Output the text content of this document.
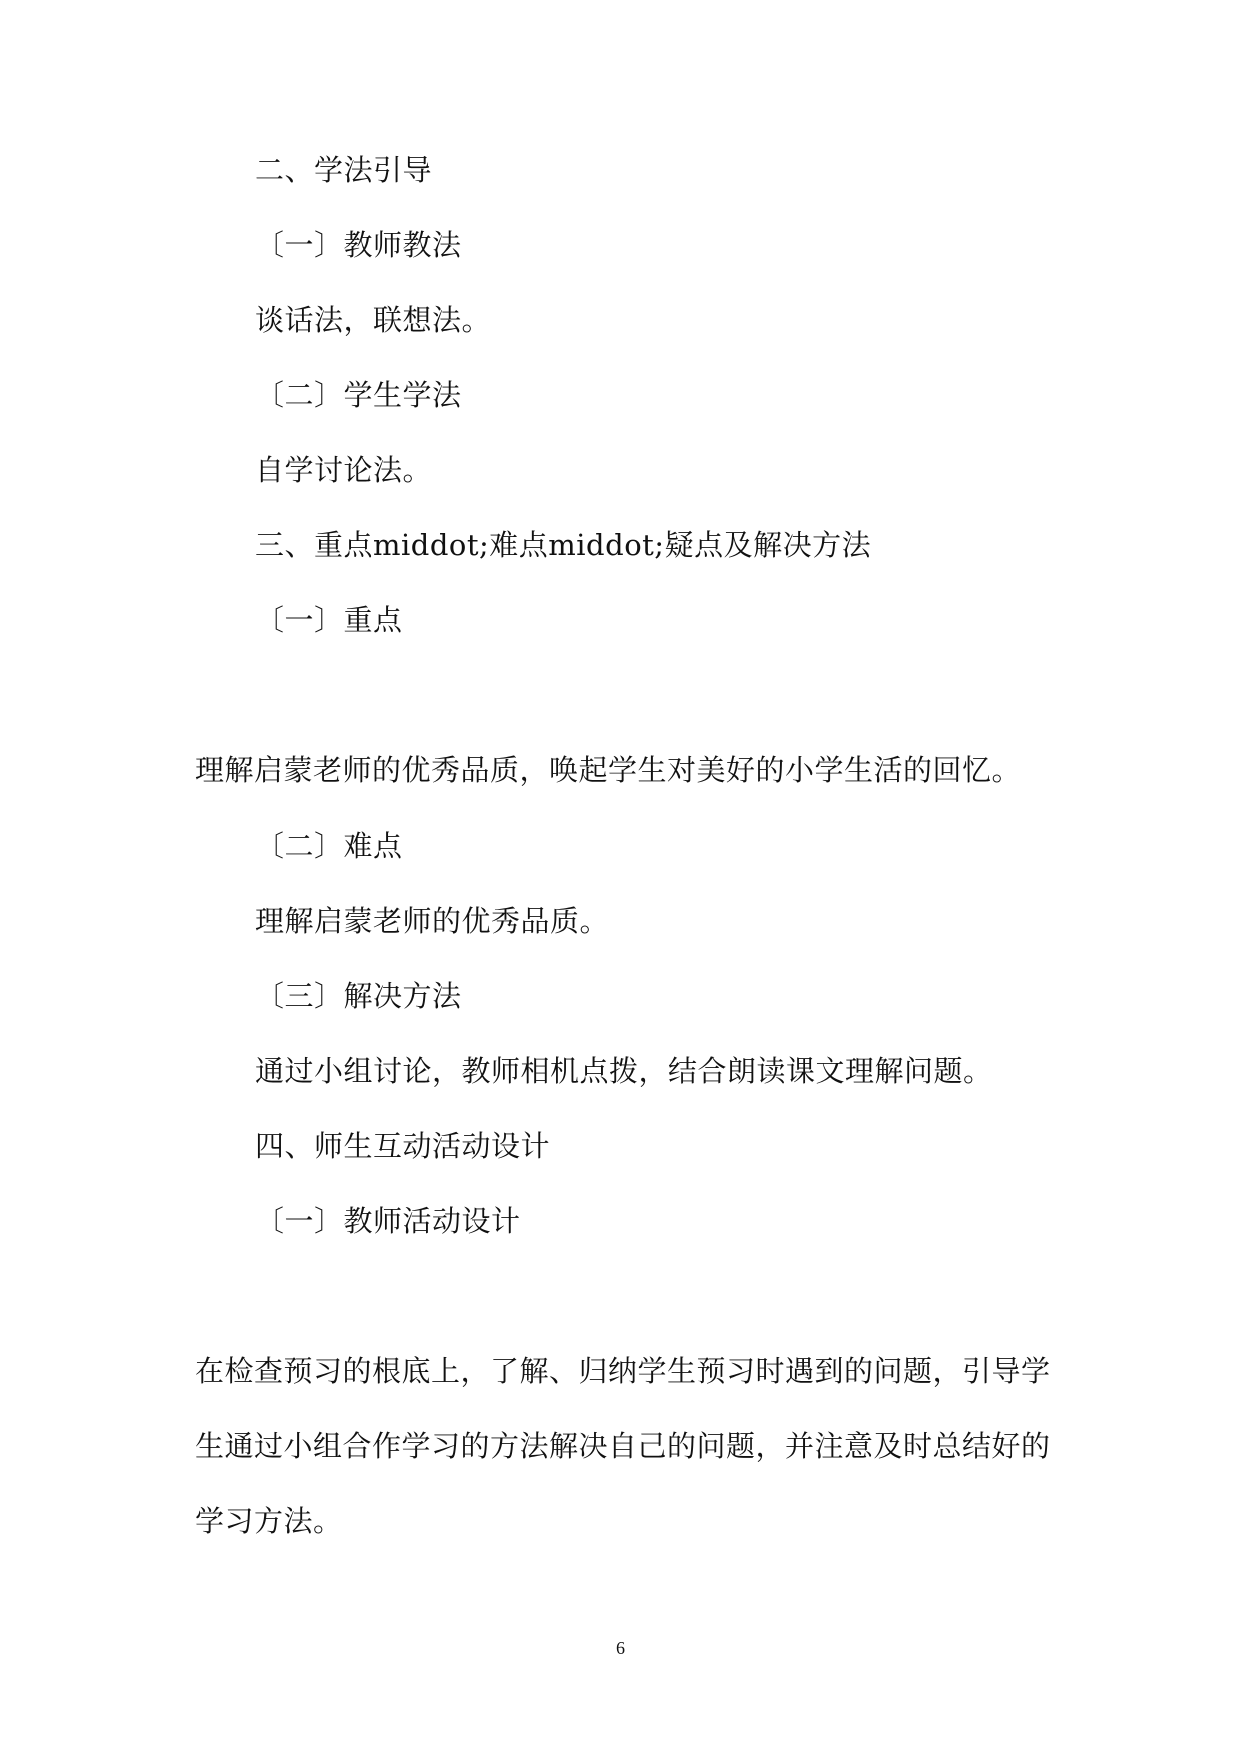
二、学法引导
〔一〕教师教法
谈话法，联想法。
〔二〕学生学法
自学讨论法。
三、重点middot;难点middot;疑点及解决方法
〔一〕重点
理解启蒙老师的优秀品质，唤起学生对美好的小学生活的回忆。
〔二〕难点
理解启蒙老师的优秀品质。
〔三〕解决方法
通过小组讨论，教师相机点拨，结合朗读课文理解问题。
四、师生互动活动设计
〔一〕教师活动设计
在检查预习的根底上，了解、归纳学生预习时遇到的问题，引导学
生通过小组合作学习的方法解决自己的问题，并注意及时总结好的
学习方法。
6
